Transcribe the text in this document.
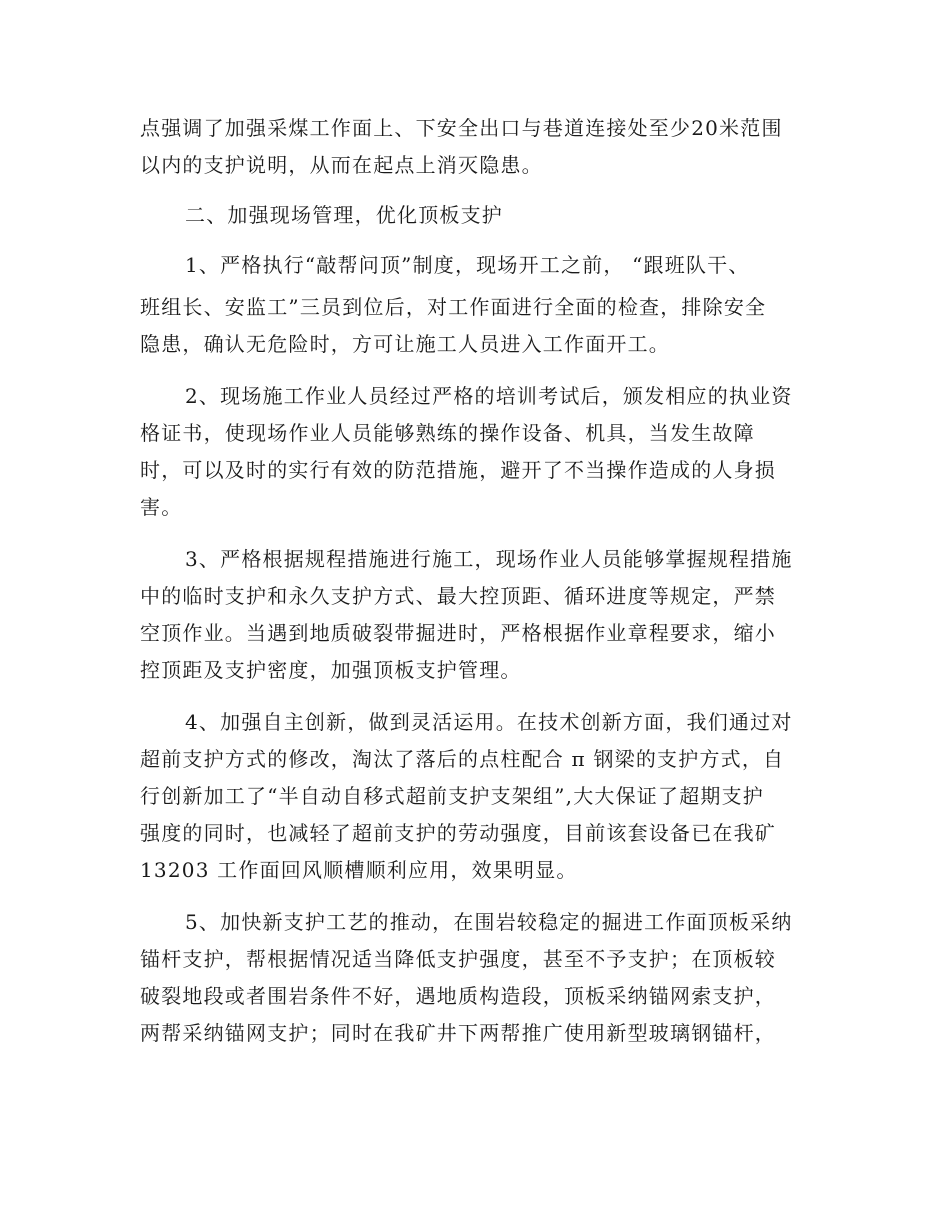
点强调了加强采煤工作面上、下安全出口与巷道连接处至少20米范围
以内的支护说明，从而在起点上消灭隐患。
二、加强现场管理，优化顶板支护
1、严格执行“敲帮问顶”制度，现场开工之前， “跟班队干、
班组长、安监工”三员到位后，对工作面进行全面的检查，排除安全
隐患，确认无危险时，方可让施工人员进入工作面开工。
2、现场施工作业人员经过严格的培训考试后，颁发相应的执业资
格证书，使现场作业人员能够熟练的操作设备、机具，当发生故障
时，可以及时的实行有效的防范措施，避开了不当操作造成的人身损
害。
3、严格根据规程措施进行施工，现场作业人员能够掌握规程措施
中的临时支护和永久支护方式、最大控顶距、循环进度等规定，严禁
空顶作业。当遇到地质破裂带掘进时，严格根据作业章程要求，缩小
控顶距及支护密度，加强顶板支护管理。
4、加强自主创新，做到灵活运用。在技术创新方面，我们通过对
超前支护方式的修改，淘汰了落后的点柱配合 π 钢梁的支护方式，自
行创新加工了“半自动自移式超前支护支架组”,大大保证了超期支护
强度的同时，也减轻了超前支护的劳动强度，目前该套设备已在我矿
13203 工作面回风顺槽顺利应用，效果明显。
5、加快新支护工艺的推动，在围岩较稳定的掘进工作面顶板采纳
锚杆支护，帮根据情况适当降低支护强度，甚至不予支护；在顶板较
破裂地段或者围岩条件不好，遇地质构造段，顶板采纳锚网索支护，
两帮采纳锚网支护；同时在我矿井下两帮推广使用新型玻璃钢锚杆，
